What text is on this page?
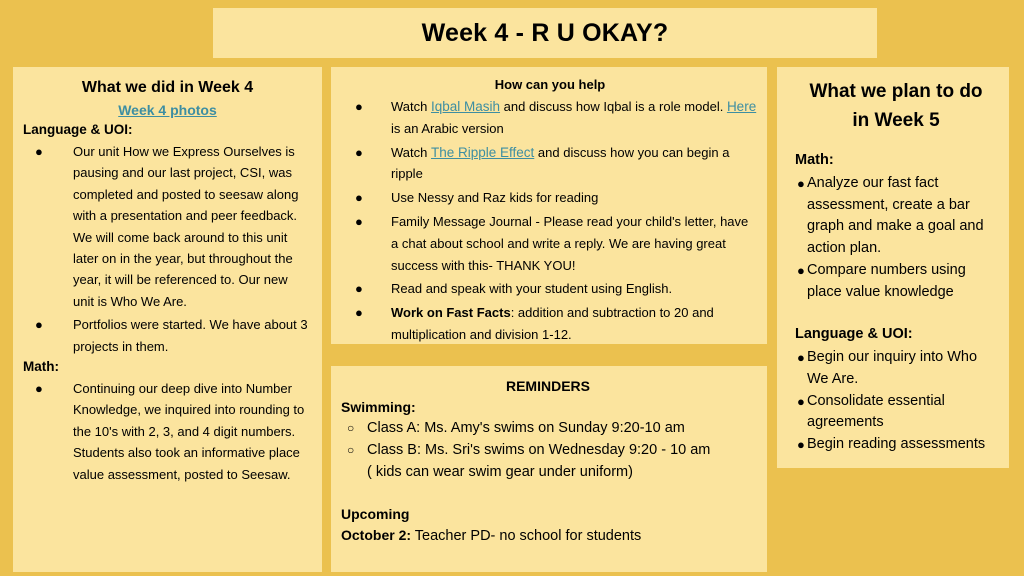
Week 4 - R U OKAY?
What we did in Week 4
Week 4 photos
Language & UOI:
● Our unit How we Express Ourselves is pausing and our last project, CSI, was completed and posted to seesaw along with a presentation and peer feedback. We will come back around to this unit later on in the year, but throughout the year, it will be referenced to. Our new unit is Who We Are.
● Portfolios were started. We have about 3 projects in them.
Math:
● Continuing our deep dive into Number Knowledge, we inquired into rounding to the 10's with 2, 3, and 4 digit numbers. Students also took an informative place value assessment, posted to Seesaw.
How can you help
● Watch Iqbal Masih and discuss how Iqbal is a role model. Here is an Arabic version
● Watch The Ripple Effect and discuss how you can begin a ripple
● Use Nessy and Raz kids for reading
● Family Message Journal - Please read your child's letter, have a chat about school and write a reply. We are having great success with this- THANK YOU!
● Read and speak with your student using English.
● Work on Fast Facts: addition and subtraction to 20 and multiplication and division 1-12.
REMINDERS
Swimming:
○ Class A: Ms. Amy's swims on Sunday 9:20-10 am
○ Class B: Ms. Sri's swims on Wednesday 9:20 - 10 am

( kids can wear swim gear under uniform)

Upcoming

October 2: Teacher PD- no school for students

What we plan to do
in Week 5
Math:
● Analyze our fast fact assessment, create a bar graph and make a goal and action plan.
● Compare numbers using place value knowledge
Language & UOI:
● Begin our inquiry into Who We Are.
● Consolidate essential agreements
● Begin reading assessments
